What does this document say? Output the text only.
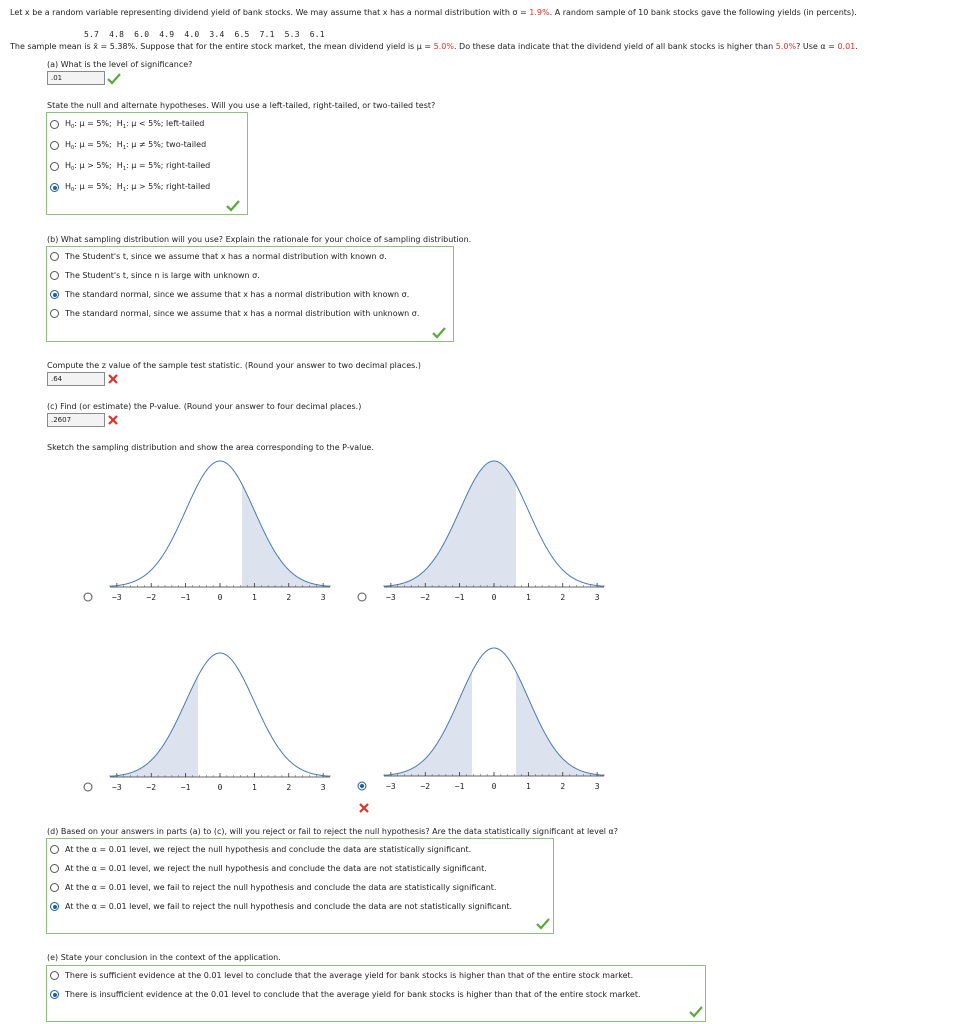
Let x be a random variable representing dividend yield of bank stocks. We may assume that x has a normal distribution with σ = 1.9%. A random sample of 10 bank stocks gave the following yields (in percents).
5.7  4.8  6.0  4.9  4.0  3.4  6.5  7.1  5.3  6.1
The sample mean is x̄ = 5.38%. Suppose that for the entire stock market, the mean dividend yield is μ = 5.0%. Do these data indicate that the dividend yield of all bank stocks is higher than 5.0%? Use α = 0.01.
(a) What is the level of significance?
.01
State the null and alternate hypotheses. Will you use a left-tailed, right-tailed, or two-tailed test?
$H_0$: μ = 5%;  $H_1$: μ < 5%; left-tailed
$H_0$: μ = 5%;  $H_1$: μ ≠ 5%; two-tailed
$H_0$: μ > 5%;  $H_1$: μ = 5%; right-tailed
$H_0$: μ = 5%;  $H_1$: μ > 5%; right-tailed
(b) What sampling distribution will you use? Explain the rationale for your choice of sampling distribution.
The Student's t, since we assume that x has a normal distribution with known σ.
The Student's t, since n is large with unknown σ.
The standard normal, since we assume that x has a normal distribution with known σ.
The standard normal, since we assume that x has a normal distribution with unknown σ.
Compute the z value of the sample test statistic. (Round your answer to two decimal places.)
.64
(c) Find (or estimate) the P-value. (Round your answer to four decimal places.)
.2607
Sketch the sampling distribution and show the area corresponding to the P-value.
−3	−2	−1	0	1	2	3	−3	−2	−1	0	1	2	3
−3	−2	−1	0	1	2	3	−3	−2	−1	0	1	2	3
(d) Based on your answers in parts (a) to (c), will you reject or fail to reject the null hypothesis? Are the data statistically significant at level α?
At the α = 0.01 level, we reject the null hypothesis and conclude the data are statistically significant.
At the α = 0.01 level, we reject the null hypothesis and conclude the data are not statistically significant.
At the α = 0.01 level, we fail to reject the null hypothesis and conclude the data are statistically significant.
At the α = 0.01 level, we fail to reject the null hypothesis and conclude the data are not statistically significant.
(e) State your conclusion in the context of the application.
There is sufficient evidence at the 0.01 level to conclude that the average yield for bank stocks is higher than that of the entire stock market.
There is insufficient evidence at the 0.01 level to conclude that the average yield for bank stocks is higher than that of the entire stock market.
